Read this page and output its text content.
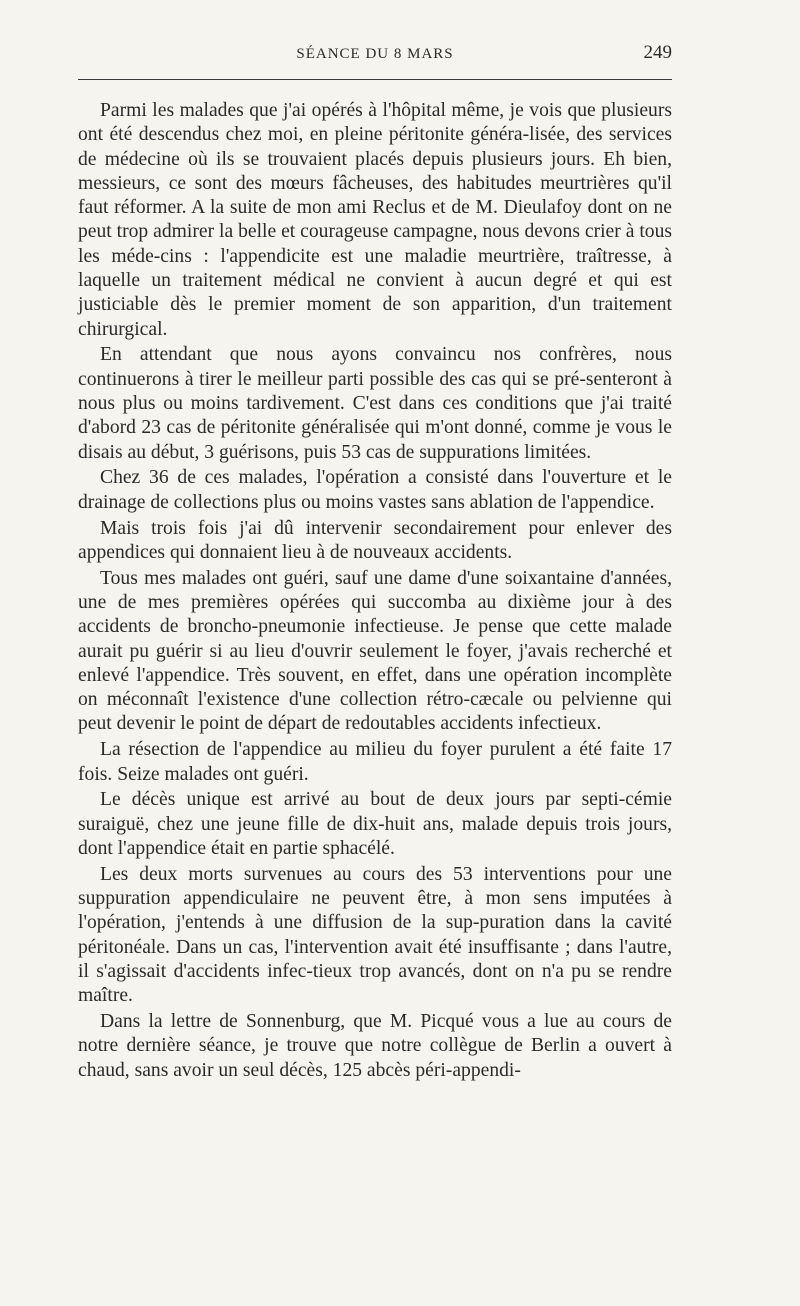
SÉANCE DU 8 MARS	249

Parmi les malades que j'ai opérés à l'hôpital même, je vois que plusieurs ont été descendus chez moi, en pleine péritonite généra-lisée, des services de médecine où ils se trouvaient placés depuis plusieurs jours. Eh bien, messieurs, ce sont des mœurs fâcheuses, des habitudes meurtrières qu'il faut réformer. A la suite de mon ami Reclus et de M. Dieulafoy dont on ne peut trop admirer la belle et courageuse campagne, nous devons crier à tous les méde-cins : l'appendicite est une maladie meurtrière, traîtresse, à laquelle un traitement médical ne convient à aucun degré et qui est justiciable dès le premier moment de son apparition, d'un traitement chirurgical.

En attendant que nous ayons convaincu nos confrères, nous continuerons à tirer le meilleur parti possible des cas qui se pré-senteront à nous plus ou moins tardivement. C'est dans ces conditions que j'ai traité d'abord 23 cas de péritonite généralisée qui m'ont donné, comme je vous le disais au début, 3 guérisons, puis 53 cas de suppurations limitées.

Chez 36 de ces malades, l'opération a consisté dans l'ouverture et le drainage de collections plus ou moins vastes sans ablation de l'appendice.

Mais trois fois j'ai dû intervenir secondairement pour enlever des appendices qui donnaient lieu à de nouveaux accidents.

Tous mes malades ont guéri, sauf une dame d'une soixantaine d'années, une de mes premières opérées qui succomba au dixième jour à des accidents de broncho-pneumonie infectieuse. Je pense que cette malade aurait pu guérir si au lieu d'ouvrir seulement le foyer, j'avais recherché et enlevé l'appendice. Très souvent, en effet, dans une opération incomplète on méconnaît l'existence d'une collection rétro-cæcale ou pelvienne qui peut devenir le point de départ de redoutables accidents infectieux.

La résection de l'appendice au milieu du foyer purulent a été faite 17 fois. Seize malades ont guéri.

Le décès unique est arrivé au bout de deux jours par septi-cémie suraiguë, chez une jeune fille de dix-huit ans, malade depuis trois jours, dont l'appendice était en partie sphacélé.

Les deux morts survenues au cours des 53 interventions pour une suppuration appendiculaire ne peuvent être, à mon sens imputées à l'opération, j'entends à une diffusion de la sup-puration dans la cavité péritonéale. Dans un cas, l'intervention avait été insuffisante ; dans l'autre, il s'agissait d'accidents infec-tieux trop avancés, dont on n'a pu se rendre maître.

Dans la lettre de Sonnenburg, que M. Picqué vous a lue au cours de notre dernière séance, je trouve que notre collègue de Berlin a ouvert à chaud, sans avoir un seul décès, 125 abcès péri-appendi-
